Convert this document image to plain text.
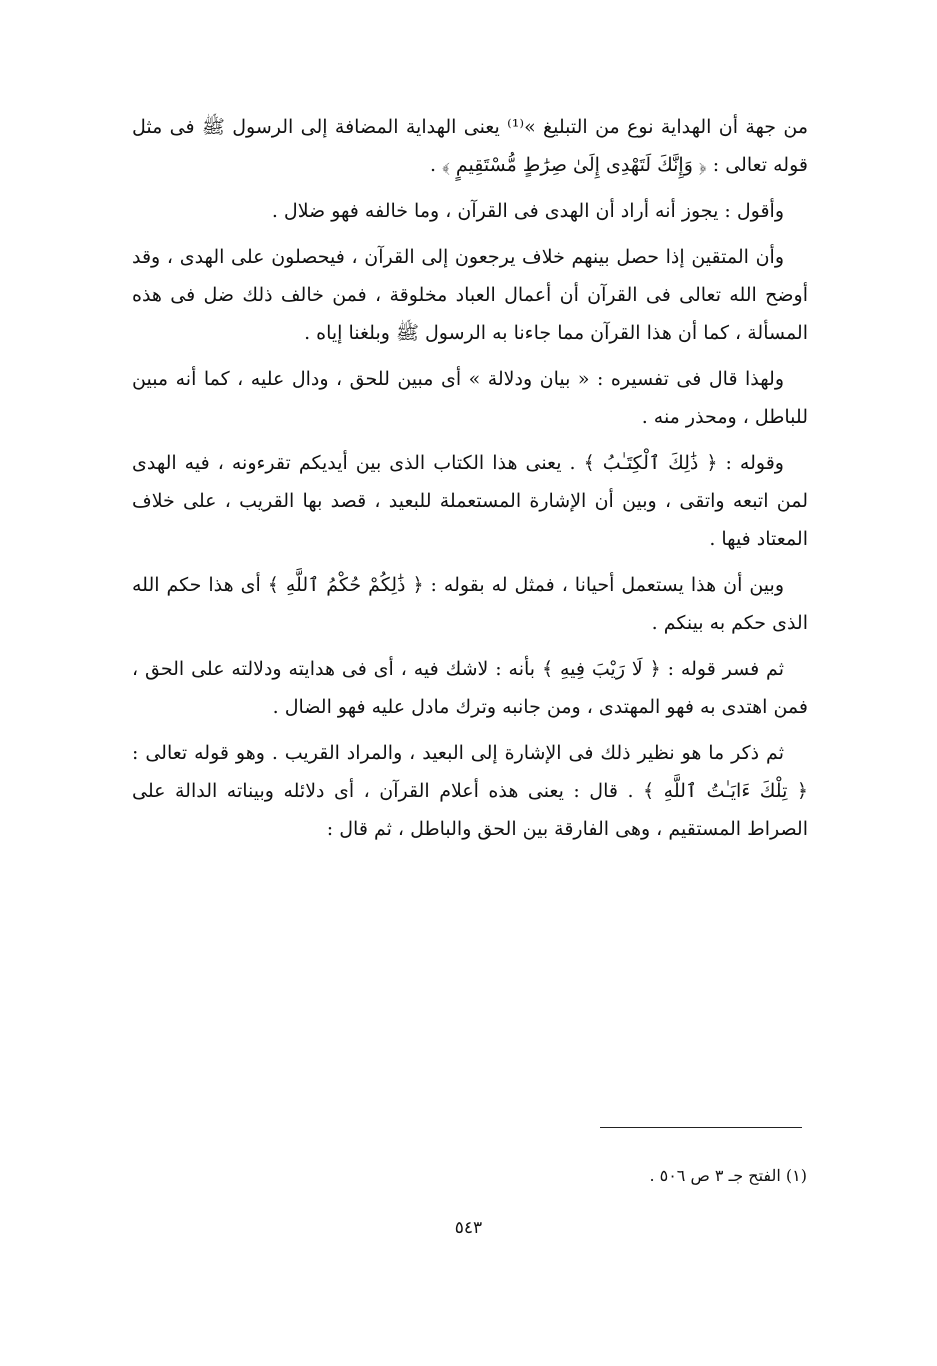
من جهة أن الهداية نوع من التبليغ »⁽¹⁾ يعنى الهداية المضافة إلى الرسول ﷺ فى مثل قوله تعالى : ﴿ وَإِنَّكَ لَتَهْدِى إِلَىٰ صِرَٰطٍ مُّسْتَقِيمٍ ﴾ .

وأقول : يجوز أنه أراد أن الهدى فى القرآن ، وما خالفه فهو ضلال .

وأن المتقين إذا حصل بينهم خلاف يرجعون إلى القرآن ، فيحصلون على الهدى ، وقد أوضح الله تعالى فى القرآن أن أعمال العباد مخلوقة ، فمن خالف ذلك ضل فى هذه المسألة ، كما أن هذا القرآن مما جاءنا به الرسول ﷺ وبلغنا إياه .

ولهذا قال فى تفسيره : « بيان ودلالة » أى مبين للحق ، ودال عليه ، كما أنه مبين للباطل ، ومحذر منه .

وقوله : ﴿ ذَٰلِكَ ٱلْكِتَـٰبُ ﴾ . يعنى هذا الكتاب الذى بين أيديكم تقرءونه ، فيه الهدى لمن اتبعه واتقى ، وبين أن الإشارة المستعملة للبعيد ، قصد بها القريب ، على خلاف المعتاد فيها .

وبين أن هذا يستعمل أحيانا ، فمثل له بقوله : ﴿ ذَٰلِكُمْ حُكْمُ ٱللَّهِ ﴾ أى هذا حكم الله الذى حكم به بينكم .

ثم فسر قوله : ﴿ لَا رَيْبَ فِيهِ ﴾ بأنه : لاشك فيه ، أى فى هدايته ودلالته على الحق ، فمن اهتدى به فهو المهتدى ، ومن جانبه وترك مادل عليه فهو الضال .

ثم ذكر ما هو نظير ذلك فى الإشارة إلى البعيد ، والمراد القريب . وهو قوله تعالى : ﴿ تِلْكَ ءَايَـٰتُ ٱللَّهِ ﴾ . قال : يعنى هذه أعلام القرآن ، أى دلائله وبيناته الدالة على الصراط المستقيم ، وهى الفارقة بين الحق والباطل ، ثم قال :

(١) الفتح جـ ٣ ص ٥٠٦ .
٥٤٣
